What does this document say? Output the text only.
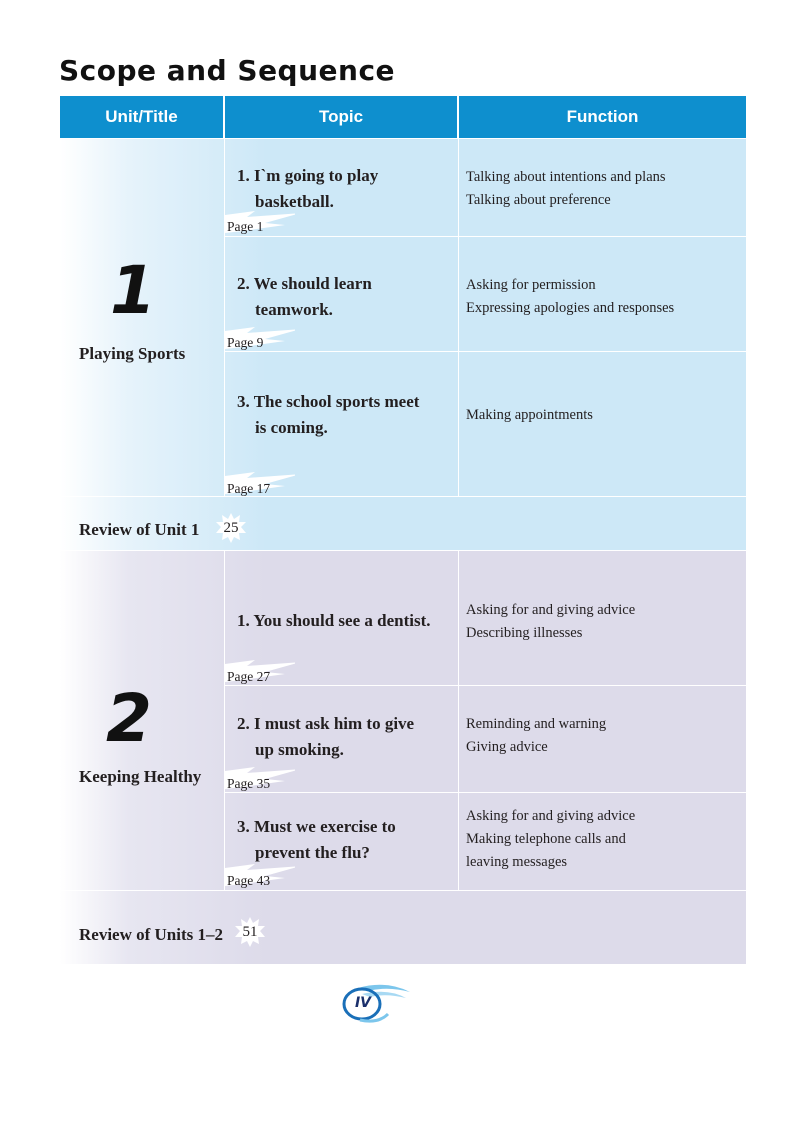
Scope and Sequence
Unit/Title	Topic	Function
1
Playing Sports
1. I`m going to play
basketball.
Page 1
Talking about intentions and plans
Talking about preference
2. We should learn
teamwork.
Page 9
Asking for permission
Expressing apologies and responses
3. The school sports meet
is coming.
Page 17
Making appointments
Review of Unit 1 25
2
Keeping Healthy
1. You should see a dentist.
Page 27
Asking for and giving advice
Describing illnesses
2. I must ask him to give
up smoking.
Page 35
Reminding and warning
Giving advice
3. Must we exercise to
prevent the flu?
Page 43
Asking for and giving advice
Making telephone calls and
leaving messages
Review of Units 1–2 51
IV
